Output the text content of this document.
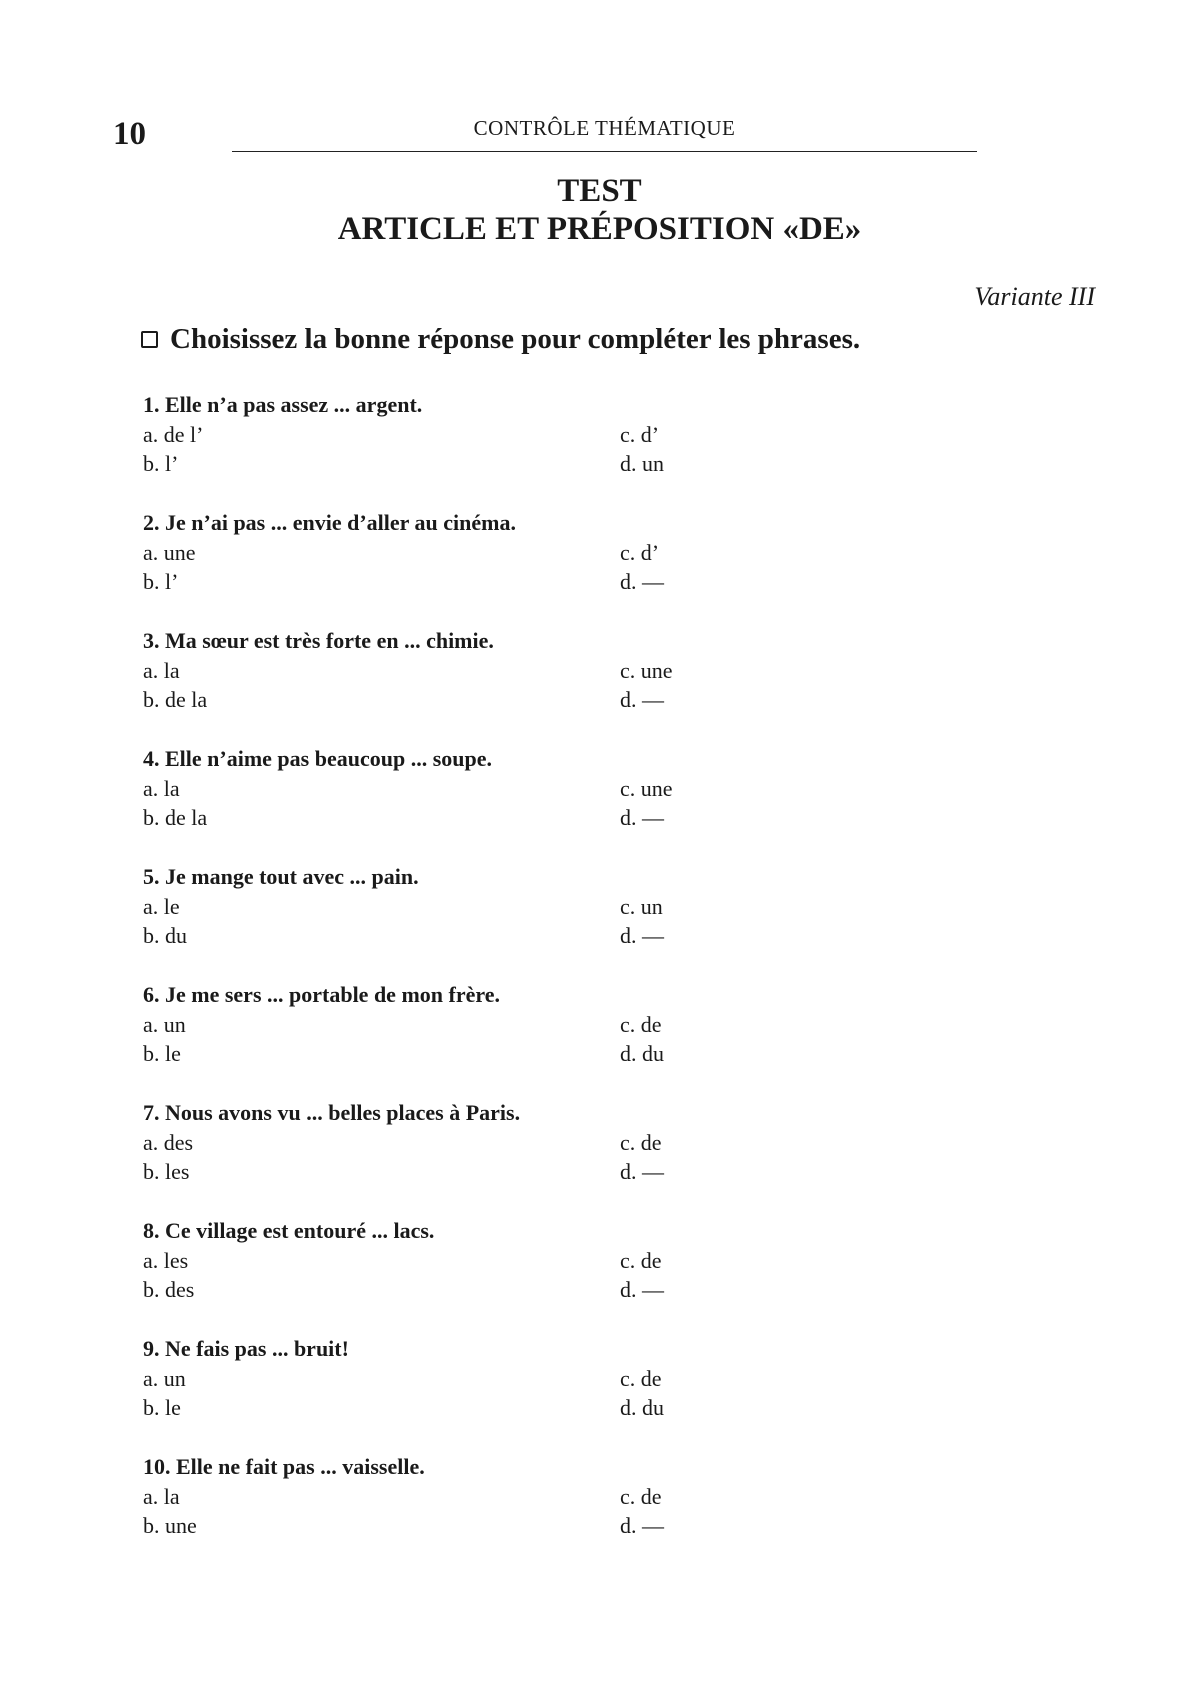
10	CONTRÔLE THÉMATIQUE
TEST
ARTICLE ET PRÉPOSITION «DE»
Variante III
Choisissez la bonne réponse pour compléter les phrases.
1. Elle n’a pas assez ... argent.
a. de l’	c. d’
b. l’	d. un
2. Je n’ai pas ... envie d’aller au cinéma.
a. une	c. d’
b. l’	d. —
3. Ma sœur est très forte en ... chimie.
a. la	c. une
b. de la	d. —
4. Elle n’aime pas beaucoup ... soupe.
a. la	c. une
b. de la	d. —
5. Je mange tout avec ... pain.
a. le	c. un
b. du	d. —
6. Je me sers ... portable de mon frère.
a. un	c. de
b. le	d. du
7. Nous avons vu ... belles places à Paris.
a. des	c. de
b. les	d. —
8. Ce village est entouré ... lacs.
a. les	c. de
b. des	d. —
9. Ne fais pas ... bruit!
a. un	c. de
b. le	d. du
10. Elle ne fait pas ... vaisselle.
a. la	c. de
b. une	d. —
